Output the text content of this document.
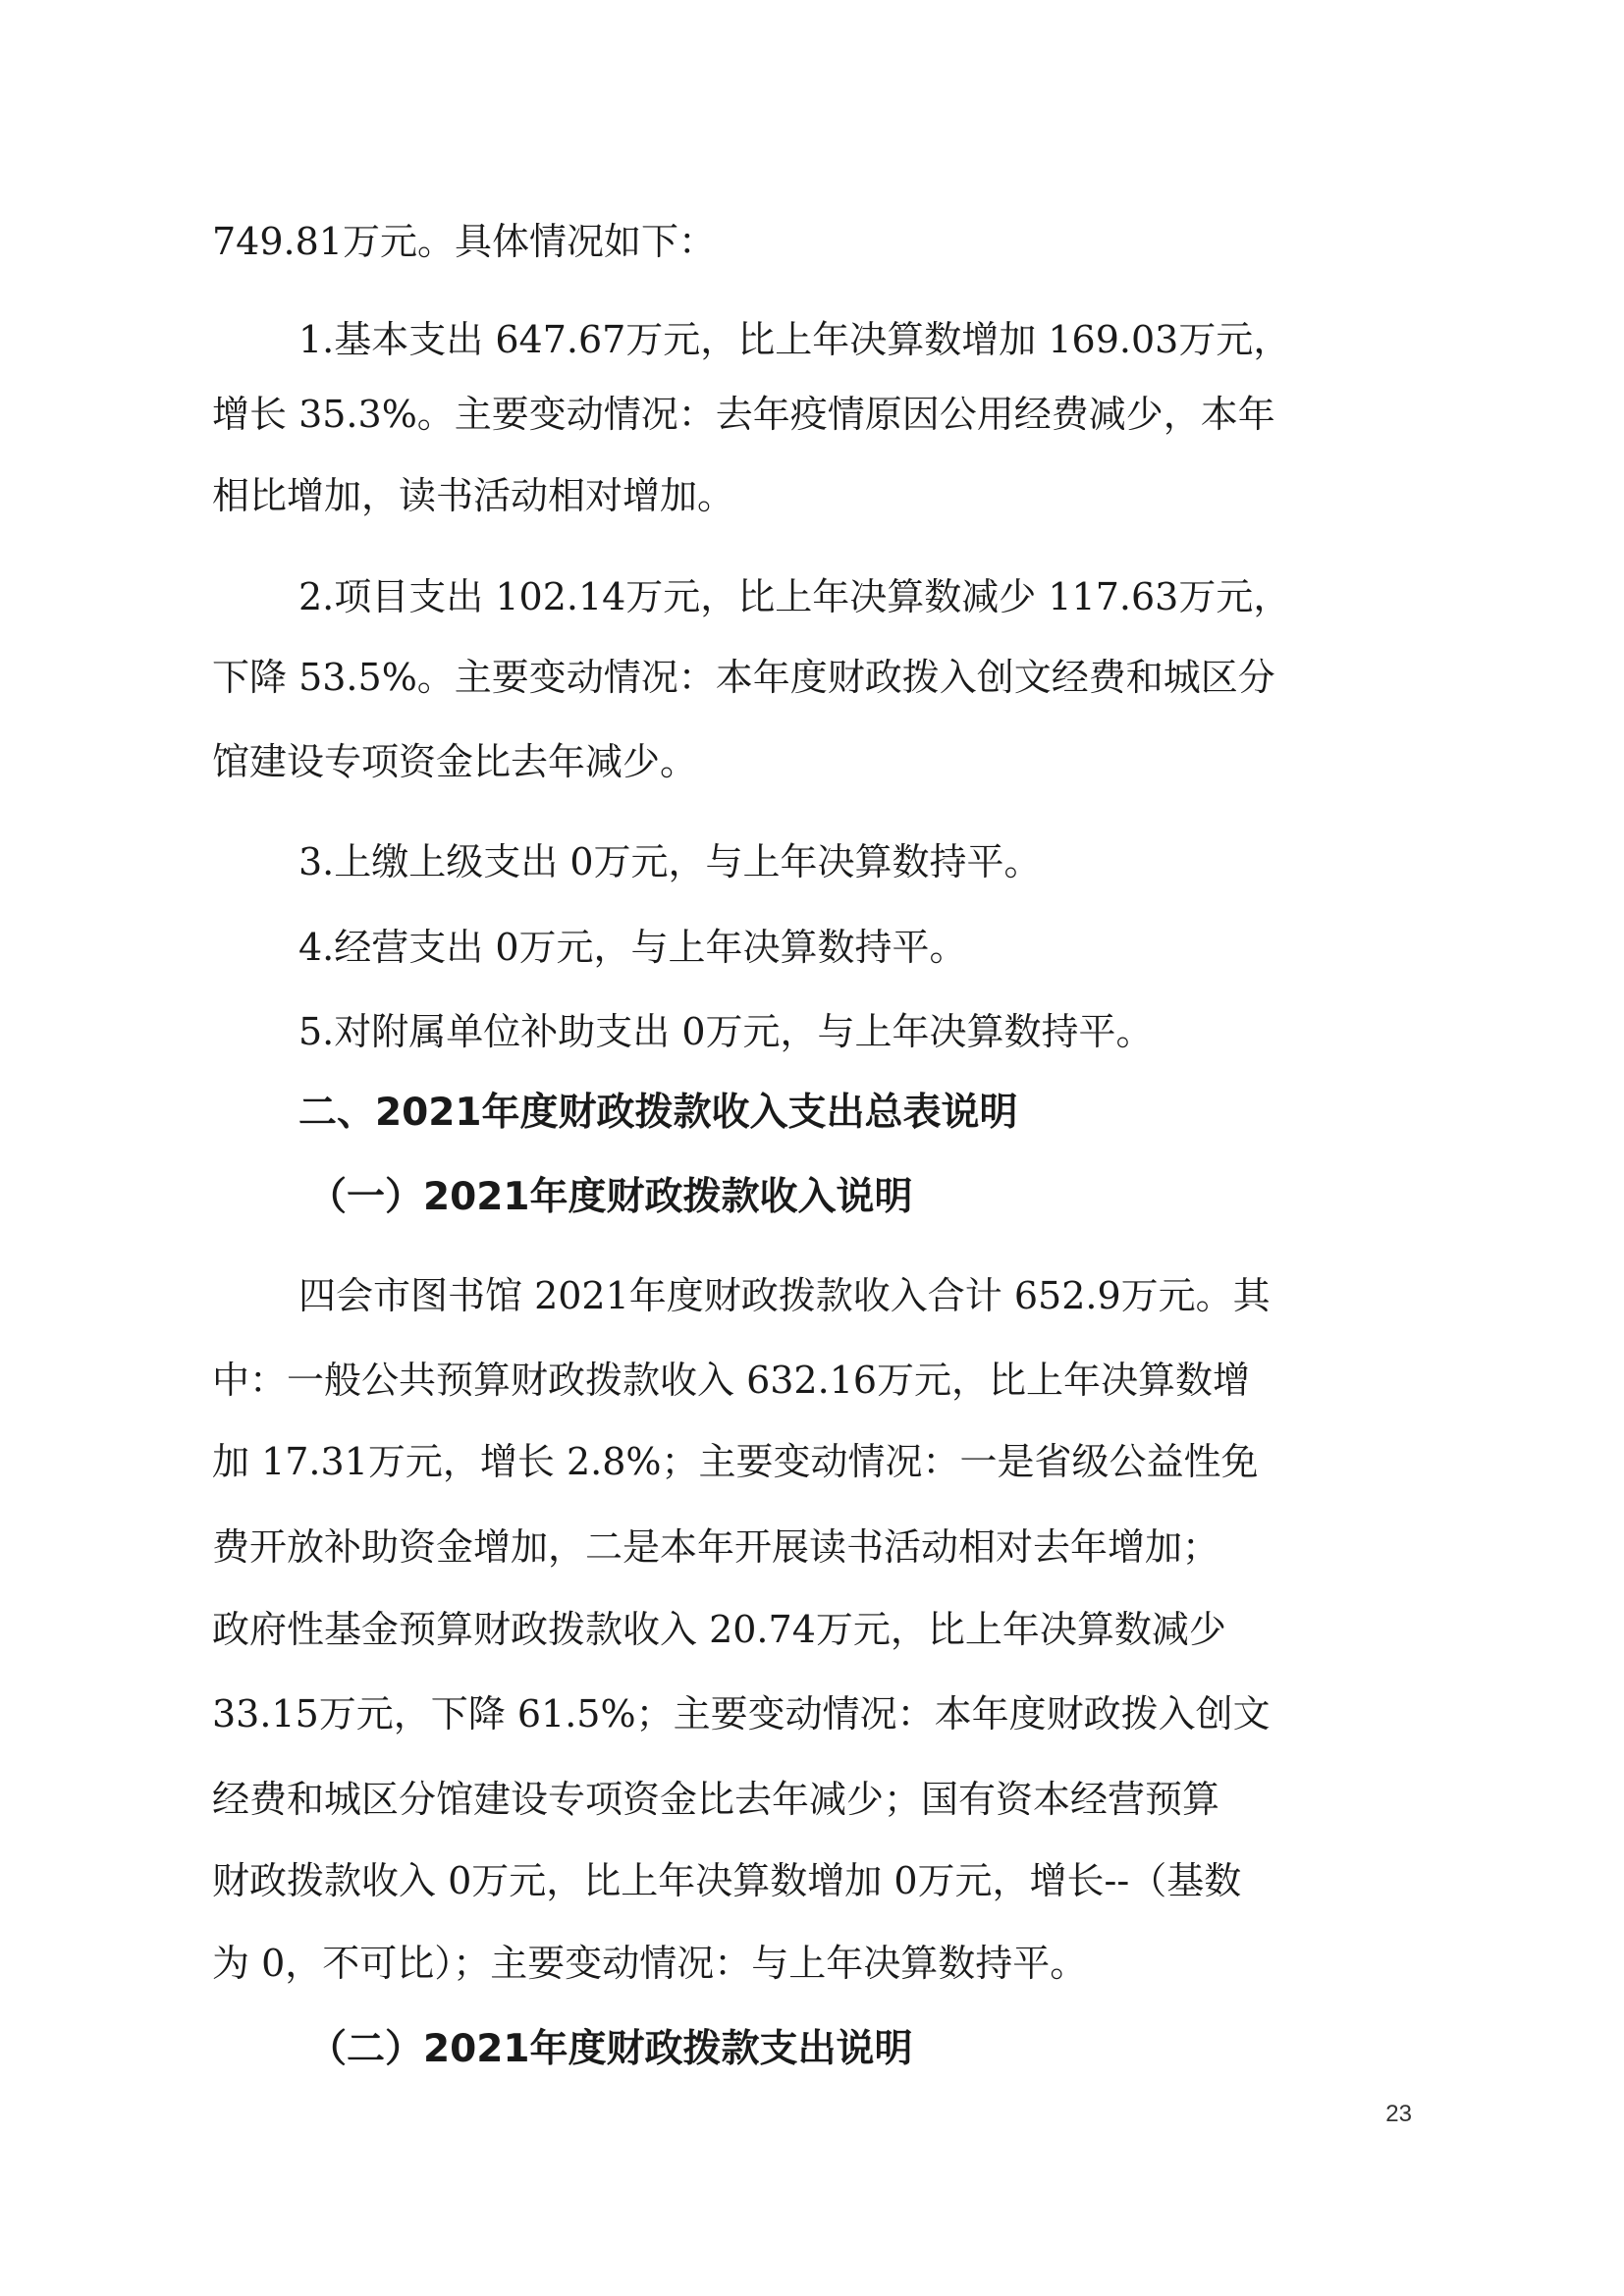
749.81万元。具体情况如下：
1.基本支出 647.67万元，比上年决算数增加 169.03万元，
增长 35.3%。主要变动情况：去年疫情原因公用经费减少，本年
相比增加，读书活动相对增加。
2.项目支出 102.14万元，比上年决算数减少 117.63万元，
下降 53.5%。主要变动情况：本年度财政拨入创文经费和城区分
馆建设专项资金比去年减少。
3.上缴上级支出 0万元，与上年决算数持平。
4.经营支出 0万元，与上年决算数持平。
5.对附属单位补助支出 0万元，与上年决算数持平。
二、2021年度财政拨款收入支出总表说明
（一）2021年度财政拨款收入说明
四会市图书馆 2021年度财政拨款收入合计 652.9万元。其
中：一般公共预算财政拨款收入 632.16万元，比上年决算数增
加 17.31万元，增长 2.8%；主要变动情况：一是省级公益性免
费开放补助资金增加，二是本年开展读书活动相对去年增加；
政府性基金预算财政拨款收入 20.74万元，比上年决算数减少
33.15万元，下降 61.5%；主要变动情况：本年度财政拨入创文
经费和城区分馆建设专项资金比去年减少；国有资本经营预算
财政拨款收入 0万元，比上年决算数增加 0万元，增长--（基数
为 0，不可比）；主要变动情况：与上年决算数持平。
（二）2021年度财政拨款支出说明
23
